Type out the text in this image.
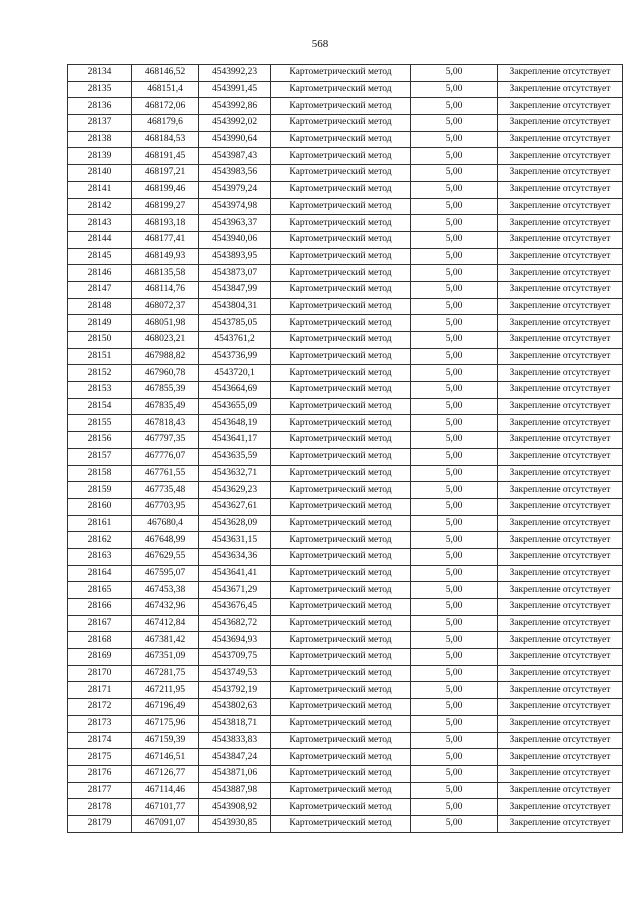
568
28134	468146,52	4543992,23	Картометрический метод	5,00	Закрепление отсутствует
28135	468151,4	4543991,45	Картометрический метод	5,00	Закрепление отсутствует
28136	468172,06	4543992,86	Картометрический метод	5,00	Закрепление отсутствует
28137	468179,6	4543992,02	Картометрический метод	5,00	Закрепление отсутствует
28138	468184,53	4543990,64	Картометрический метод	5,00	Закрепление отсутствует
28139	468191,45	4543987,43	Картометрический метод	5,00	Закрепление отсутствует
28140	468197,21	4543983,56	Картометрический метод	5,00	Закрепление отсутствует
28141	468199,46	4543979,24	Картометрический метод	5,00	Закрепление отсутствует
28142	468199,27	4543974,98	Картометрический метод	5,00	Закрепление отсутствует
28143	468193,18	4543963,37	Картометрический метод	5,00	Закрепление отсутствует
28144	468177,41	4543940,06	Картометрический метод	5,00	Закрепление отсутствует
28145	468149,93	4543893,95	Картометрический метод	5,00	Закрепление отсутствует
28146	468135,58	4543873,07	Картометрический метод	5,00	Закрепление отсутствует
28147	468114,76	4543847,99	Картометрический метод	5,00	Закрепление отсутствует
28148	468072,37	4543804,31	Картометрический метод	5,00	Закрепление отсутствует
28149	468051,98	4543785,05	Картометрический метод	5,00	Закрепление отсутствует
28150	468023,21	4543761,2	Картометрический метод	5,00	Закрепление отсутствует
28151	467988,82	4543736,99	Картометрический метод	5,00	Закрепление отсутствует
28152	467960,78	4543720,1	Картометрический метод	5,00	Закрепление отсутствует
28153	467855,39	4543664,69	Картометрический метод	5,00	Закрепление отсутствует
28154	467835,49	4543655,09	Картометрический метод	5,00	Закрепление отсутствует
28155	467818,43	4543648,19	Картометрический метод	5,00	Закрепление отсутствует
28156	467797,35	4543641,17	Картометрический метод	5,00	Закрепление отсутствует
28157	467776,07	4543635,59	Картометрический метод	5,00	Закрепление отсутствует
28158	467761,55	4543632,71	Картометрический метод	5,00	Закрепление отсутствует
28159	467735,48	4543629,23	Картометрический метод	5,00	Закрепление отсутствует
28160	467703,95	4543627,61	Картометрический метод	5,00	Закрепление отсутствует
28161	467680,4	4543628,09	Картометрический метод	5,00	Закрепление отсутствует
28162	467648,99	4543631,15	Картометрический метод	5,00	Закрепление отсутствует
28163	467629,55	4543634,36	Картометрический метод	5,00	Закрепление отсутствует
28164	467595,07	4543641,41	Картометрический метод	5,00	Закрепление отсутствует
28165	467453,38	4543671,29	Картометрический метод	5,00	Закрепление отсутствует
28166	467432,96	4543676,45	Картометрический метод	5,00	Закрепление отсутствует
28167	467412,84	4543682,72	Картометрический метод	5,00	Закрепление отсутствует
28168	467381,42	4543694,93	Картометрический метод	5,00	Закрепление отсутствует
28169	467351,09	4543709,75	Картометрический метод	5,00	Закрепление отсутствует
28170	467281,75	4543749,53	Картометрический метод	5,00	Закрепление отсутствует
28171	467211,95	4543792,19	Картометрический метод	5,00	Закрепление отсутствует
28172	467196,49	4543802,63	Картометрический метод	5,00	Закрепление отсутствует
28173	467175,96	4543818,71	Картометрический метод	5,00	Закрепление отсутствует
28174	467159,39	4543833,83	Картометрический метод	5,00	Закрепление отсутствует
28175	467146,51	4543847,24	Картометрический метод	5,00	Закрепление отсутствует
28176	467126,77	4543871,06	Картометрический метод	5,00	Закрепление отсутствует
28177	467114,46	4543887,98	Картометрический метод	5,00	Закрепление отсутствует
28178	467101,77	4543908,92	Картометрический метод	5,00	Закрепление отсутствует
28179	467091,07	4543930,85	Картометрический метод	5,00	Закрепление отсутствует
